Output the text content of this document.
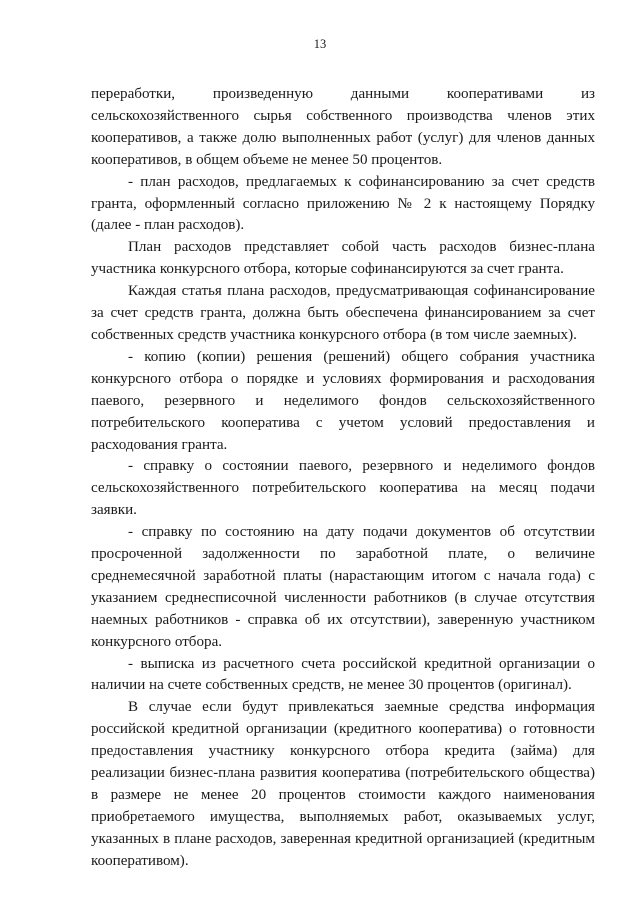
13

переработки, произведенную данными кооперативами из сельскохозяйственного сырья собственного производства членов этих кооперативов, а также долю выполненных работ (услуг) для членов данных кооперативов, в общем объеме не менее 50 процентов.

- план расходов, предлагаемых к софинансированию за счет средств гранта, оформленный согласно приложению № 2 к настоящему Порядку (далее - план расходов).

План расходов представляет собой часть расходов бизнес-плана участника конкурсного отбора, которые софинансируются за счет гранта.

Каждая статья плана расходов, предусматривающая софинансирование за счет средств гранта, должна быть обеспечена финансированием за счет собственных средств участника конкурсного отбора (в том числе заемных).

- копию (копии) решения (решений) общего собрания участника конкурсного отбора о порядке и условиях формирования и расходования паевого, резервного и неделимого фондов сельскохозяйственного потребительского кооператива с учетом условий предоставления и расходования гранта.

- справку о состоянии паевого, резервного и неделимого фондов сельскохозяйственного потребительского кооператива на месяц подачи заявки.

- справку по состоянию на дату подачи документов об отсутствии просроченной задолженности по заработной плате, о величине среднемесячной заработной платы (нарастающим итогом с начала года) с указанием среднесписочной численности работников (в случае отсутствия наемных работников - справка об их отсутствии), заверенную участником конкурсного отбора.

- выписка из расчетного счета российской кредитной организации о наличии на счете собственных средств, не менее 30 процентов (оригинал).

В случае если будут привлекаться заемные средства информация российской кредитной организации (кредитного кооператива) о готовности предоставления участнику конкурсного отбора кредита (займа) для реализации бизнес-плана развития кооператива (потребительского общества) в размере не менее 20 процентов стоимости каждого наименования приобретаемого имущества, выполняемых работ, оказываемых услуг, указанных в плане расходов, заверенная кредитной организацией (кредитным кооперативом).
